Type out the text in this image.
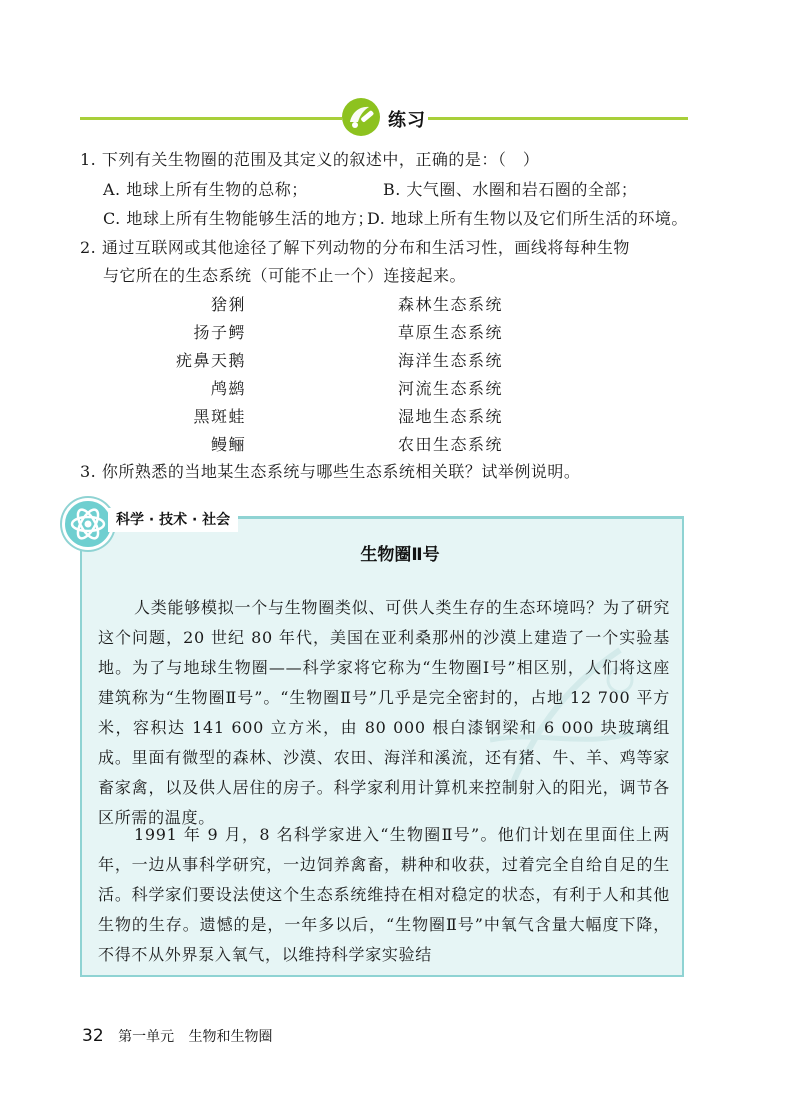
练习
1. 下列有关生物圈的范围及其定义的叙述中，正确的是：（　）
A. 地球上所有生物的总称；	B. 大气圈、水圈和岩石圈的全部；
C. 地球上所有生物能够生活的地方；
D. 地球上所有生物以及它们所生活的环境。
2. 通过互联网或其他途径了解下列动物的分布和生活习性，画线将每种生物
与它所在的生态系统（可能不止一个）连接起来。
猞猁
扬子鳄
疣鼻天鹅
鸬鹚
黑斑蛙
鳗鲡
森林生态系统
草原生态系统
海洋生态系统
河流生态系统
湿地生态系统
农田生态系统
3. 你所熟悉的当地某生态系统与哪些生态系统相关联？试举例说明。
科学 · 技术 · 社会
生物圈Ⅱ号

人类能够模拟一个与生物圈类似、可供人类生存的生态环境吗？为了研究这个问题，20 世纪 80 年代，美国在亚利桑那州的沙漠上建造了一个实验基地。为了与地球生物圈——科学家将它称为“生物圈Ⅰ号”相区别，人们将这座建筑称为“生物圈Ⅱ号”。“生物圈Ⅱ号”几乎是完全密封的，占地 12 700 平方米，容积达 141 600 立方米，由 80 000 根白漆钢梁和 6 000 块玻璃组成。里面有微型的森林、沙漠、农田、海洋和溪流，还有猪、牛、羊、鸡等家畜家禽，以及供人居住的房子。科学家利用计算机来控制射入的阳光，调节各区所需的温度。

1991 年 9 月，8 名科学家进入“生物圈Ⅱ号”。他们计划在里面住上两年，一边从事科学研究，一边饲养禽畜，耕种和收获，过着完全自给自足的生活。科学家们要设法使这个生态系统维持在相对稳定的状态，有利于人和其他生物的生存。遗憾的是，一年多以后，“生物圈Ⅱ号”中氧气含量大幅度下降，不得不从外界泵入氧气，以维持科学家实验结

32 第一单元 生物和生物圈
